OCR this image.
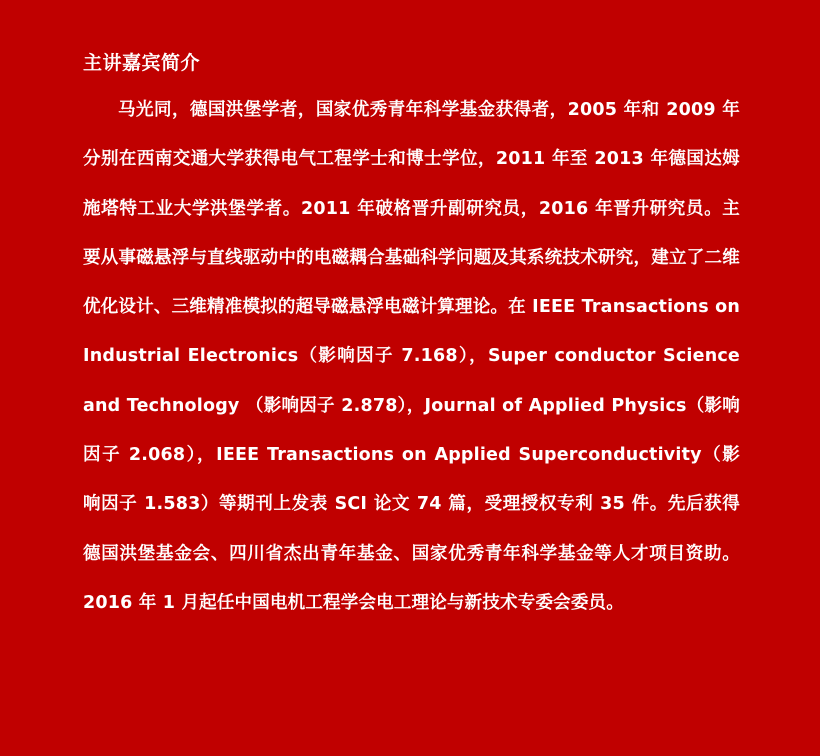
主讲嘉宾简介

马光同，德国洪堡学者，国家优秀青年科学基金获得者，2005 年和 2009 年分别在西南交通大学获得电气工程学士和博士学位，2011 年至 2013 年德国达姆施塔特工业大学洪堡学者。2011 年破格晋升副研究员，2016 年晋升研究员。主要从事磁悬浮与直线驱动中的电磁耦合基础科学问题及其系统技术研究，建立了二维优化设计、三维精准模拟的超导磁悬浮电磁计算理论。在 IEEE Transactions on Industrial Electronics（影响因子 7.168），Super conductor Science and Technology （影响因子 2.878），Journal of Applied Physics（影响因子 2.068），IEEE Transactions on Applied Superconductivity（影响因子 1.583）等期刊上发表 SCI 论文 74 篇，受理授权专利 35 件。先后获得德国洪堡基金会、四川省杰出青年基金、国家优秀青年科学基金等人才项目资助。2016 年 1 月起任中国电机工程学会电工理论与新技术专委会委员。
